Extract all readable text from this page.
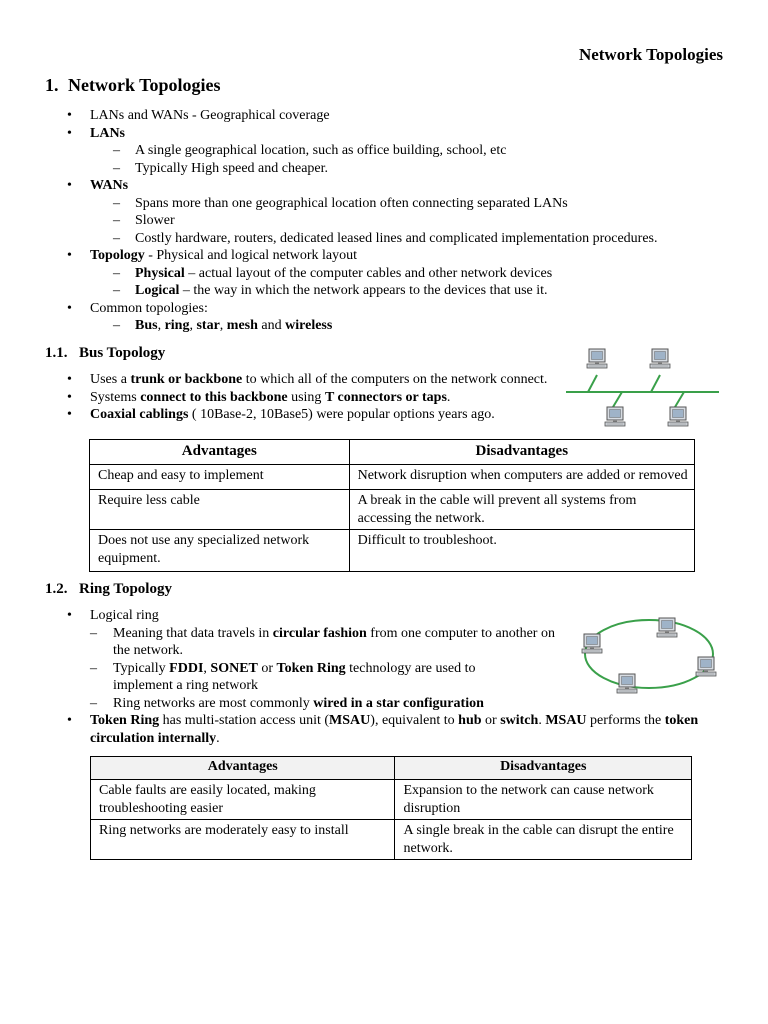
Network Topologies
1. Network Topologies
• LANs and WANs - Geographical coverage
• LANs
– A single geographical location, such as office building, school, etc
– Typically High speed and cheaper.
• WANs
– Spans more than one geographical location often connecting separated LANs
– Slower
– Costly hardware, routers, dedicated leased lines and complicated implementation procedures.
• Topology - Physical and logical network layout
– Physical – actual layout of the computer cables and other network devices
– Logical – the way in which the network appears to the devices that use it.
• Common topologies:
– Bus, ring, star, mesh and wireless
1.1. Bus Topology
• Uses a trunk or backbone to which all of the computers on the network connect.
• Systems connect to this backbone using T connectors or taps.
• Coaxial cablings ( 10Base-2, 10Base5) were popular options years ago.
Advantages	Disadvantages
Cheap and easy to implement	Network disruption when computers are added or removed
Require less cable	A break in the cable will prevent all systems from accessing the network.
Does not use any specialized network equipment.	Difficult to troubleshoot.
1.2. Ring Topology
• Logical ring
– Meaning that data travels in circular fashion from one computer to another on the network.
– Typically FDDI, SONET or Token Ring technology are used to implement a ring network
– Ring networks are most commonly wired in a star configuration
• Token Ring has multi-station access unit (MSAU), equivalent to hub or switch. MSAU performs the token circulation internally.
Advantages	Disadvantages
Cable faults are easily located, making troubleshooting easier	Expansion to the network can cause network disruption
Ring networks are moderately easy to install	A single break in the cable can disrupt the entire network.
